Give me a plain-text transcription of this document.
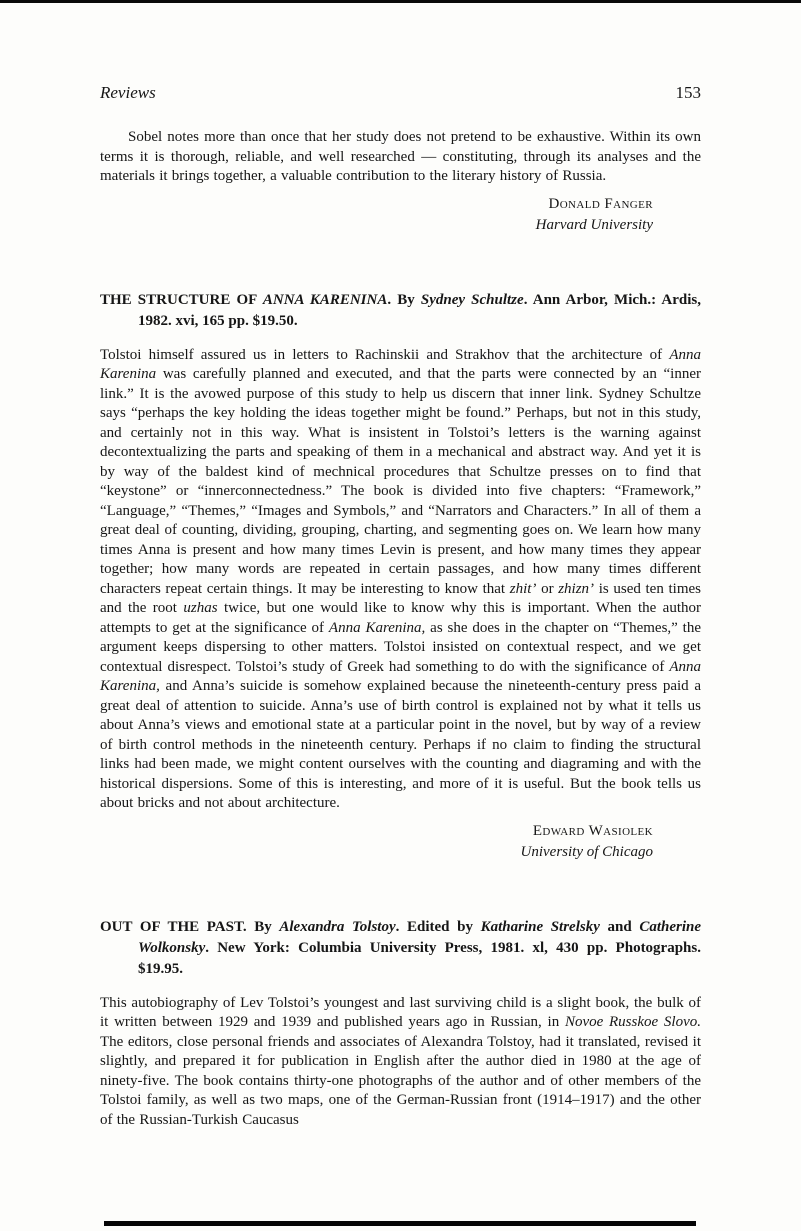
Reviews	153

Sobel notes more than once that her study does not pretend to be exhaustive. Within its own terms it is thorough, reliable, and well researched — constituting, through its analyses and the materials it brings together, a valuable contribution to the literary history of Russia.

Donald Fanger
Harvard University
THE STRUCTURE OF ANNA KARENINA. By Sydney Schultze. Ann Arbor, Mich.: Ardis, 1982. xvi, 165 pp. $19.50.

Tolstoi himself assured us in letters to Rachinskii and Strakhov that the architecture of Anna Karenina was carefully planned and executed, and that the parts were connected by an “inner link.” It is the avowed purpose of this study to help us discern that inner link. Sydney Schultze says “perhaps the key holding the ideas together might be found.” Perhaps, but not in this study, and certainly not in this way. What is insistent in Tolstoi’s letters is the warning against decontextualizing the parts and speaking of them in a mechanical and abstract way. And yet it is by way of the baldest kind of mechnical procedures that Schultze presses on to find that “keystone” or “innerconnectedness.” The book is divided into five chapters: “Framework,” “Language,” “Themes,” “Images and Symbols,” and “Narrators and Characters.” In all of them a great deal of counting, dividing, grouping, charting, and segmenting goes on. We learn how many times Anna is present and how many times Levin is present, and how many times they appear together; how many words are repeated in certain passages, and how many times different characters repeat certain things. It may be interesting to know that zhit’ or zhizn’ is used ten times and the root uzhas twice, but one would like to know why this is important. When the author attempts to get at the significance of Anna Karenina, as she does in the chapter on “Themes,” the argument keeps dispersing to other matters. Tolstoi insisted on contextual respect, and we get contextual disrespect. Tolstoi’s study of Greek had something to do with the significance of Anna Karenina, and Anna’s suicide is somehow explained because the nineteenth-century press paid a great deal of attention to suicide. Anna’s use of birth control is explained not by what it tells us about Anna’s views and emotional state at a particular point in the novel, but by way of a review of birth control methods in the nineteenth century. Perhaps if no claim to finding the structural links had been made, we might content ourselves with the counting and diagraming and with the historical dispersions. Some of this is interesting, and more of it is useful. But the book tells us about bricks and not about architecture.

Edward Wasiolek
University of Chicago
OUT OF THE PAST. By Alexandra Tolstoy. Edited by Katharine Strelsky and Catherine Wolkonsky. New York: Columbia University Press, 1981. xl, 430 pp. Photographs. $19.95.

This autobiography of Lev Tolstoi’s youngest and last surviving child is a slight book, the bulk of it written between 1929 and 1939 and published years ago in Russian, in Novoe Russkoe Slovo. The editors, close personal friends and associates of Alexandra Tolstoy, had it translated, revised it slightly, and prepared it for publication in English after the author died in 1980 at the age of ninety-five. The book contains thirty-one photographs of the author and of other members of the Tolstoi family, as well as two maps, one of the German-Russian front (1914–1917) and the other of the Russian-Turkish Caucasus
